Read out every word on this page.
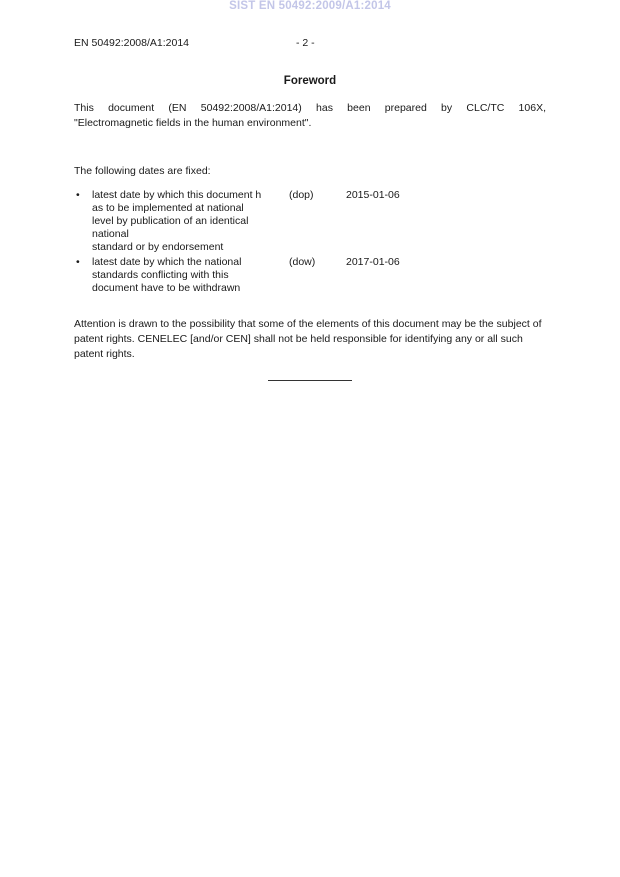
SIST EN 50492:2009/A1:2014
EN 50492:2008/A1:2014	- 2 -
Foreword
This document (EN 50492:2008/A1:2014) has been prepared by CLC/TC 106X,
"Electromagnetic fields in the human environment".
The following dates are fixed:
• latest date by which this document h
as to be implemented at national
level by publication of an identical
national
standard or by endorsement
(dop)	2015-01-06
• latest date by which the national
standards conflicting with this
document have to be withdrawn
(dow)	2017-01-06
Attention is drawn to the possibility that some of the elements of this document may be the subject of patent rights. CENELEC [and/or CEN] shall not be held responsible for identifying any or all such patent rights.
